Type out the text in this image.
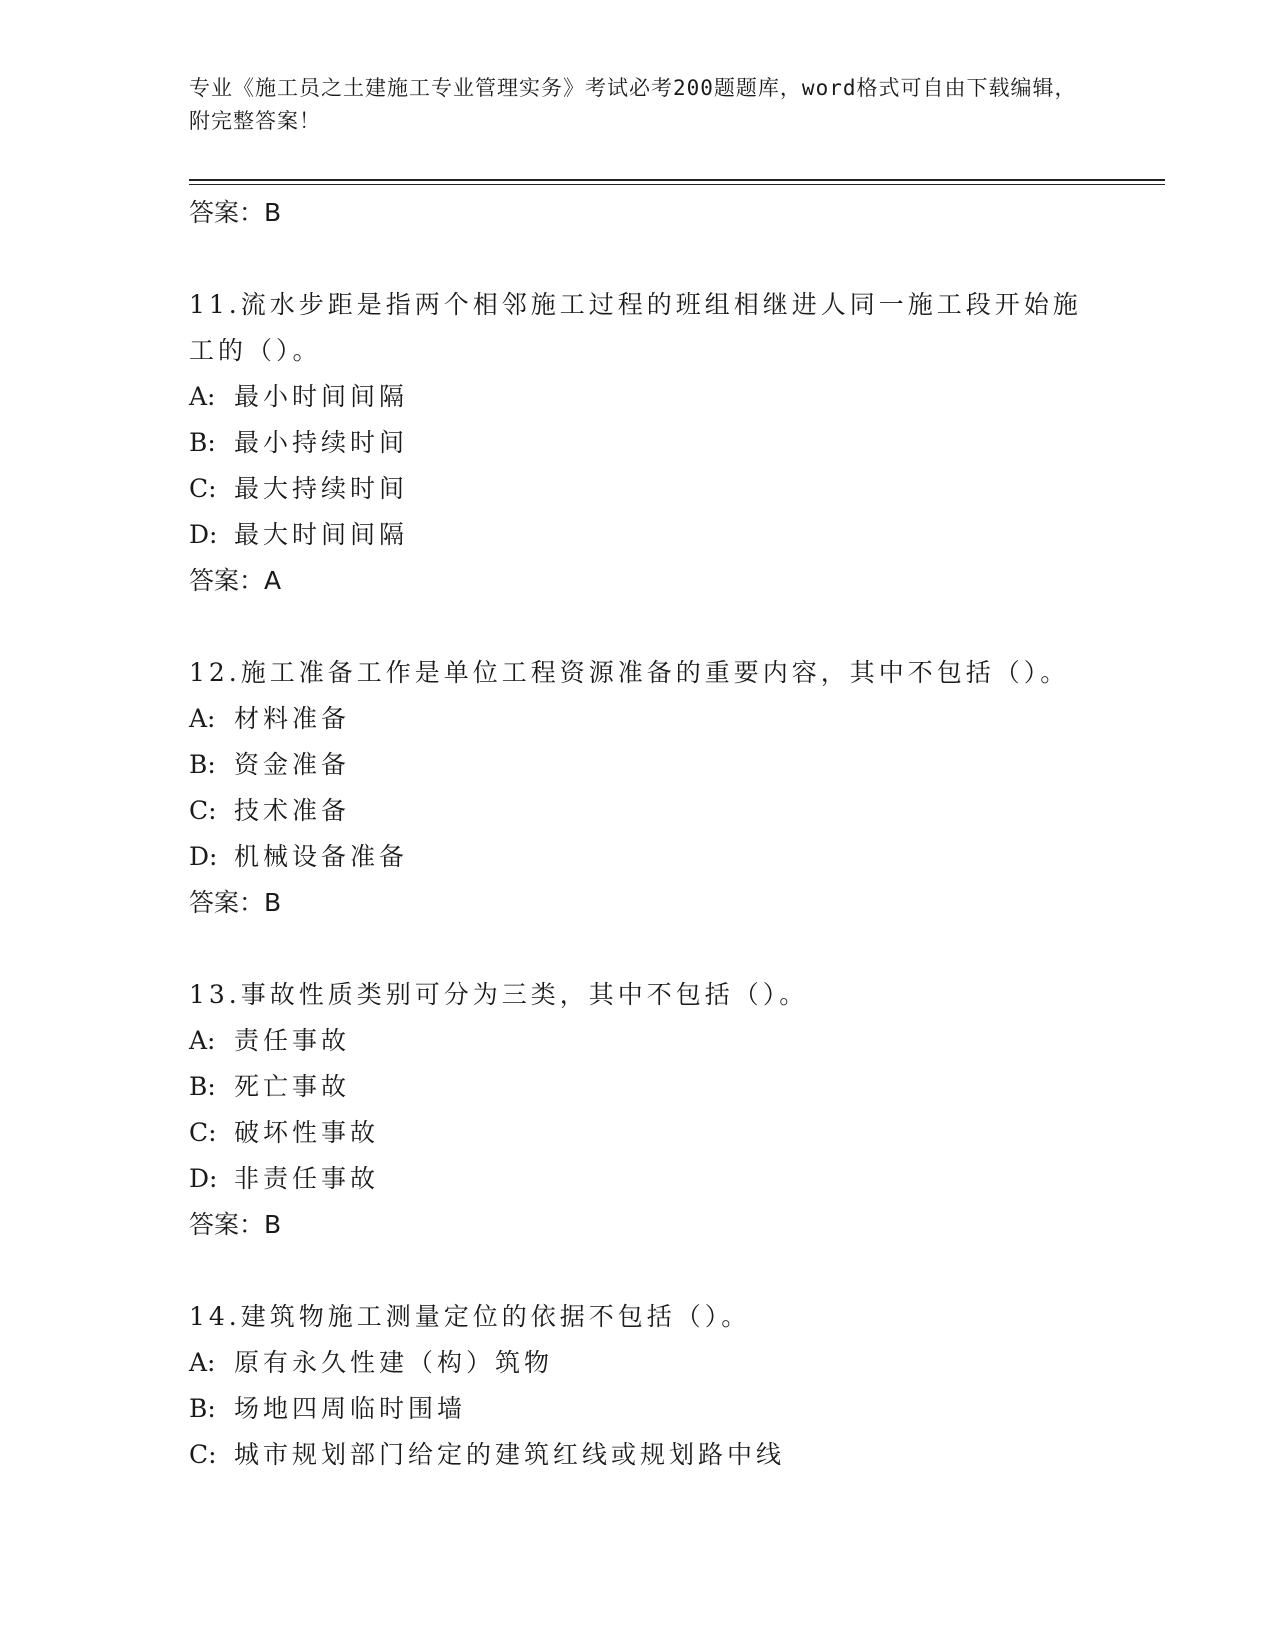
专业《施工员之土建施工专业管理实务》考试必考200题题库，word格式可自由下载编辑，附完整答案！
答案：B
11.流水步距是指两个相邻施工过程的班组相继进人同一施工段开始施工的（）。
A: 最小时间间隔
B: 最小持续时间
C: 最大持续时间
D: 最大时间间隔
答案：A
12.施工准备工作是单位工程资源准备的重要内容，其中不包括（）。
A: 材料准备
B: 资金准备
C: 技术准备
D: 机械设备准备
答案：B
13.事故性质类别可分为三类，其中不包括（）。
A: 责任事故
B: 死亡事故
C: 破坏性事故
D: 非责任事故
答案：B
14.建筑物施工测量定位的依据不包括（）。
A: 原有永久性建（构）筑物
B: 场地四周临时围墙
C: 城市规划部门给定的建筑红线或规划路中线
